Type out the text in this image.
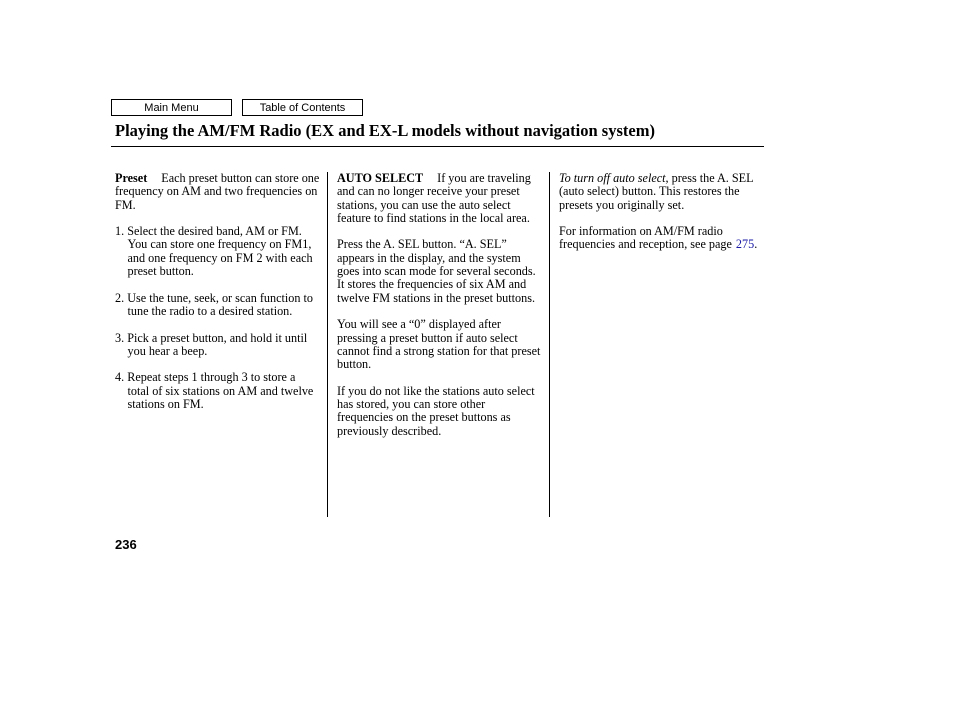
Main Menu	Table of Contents
Playing the AM/FM Radio (EX and EX-L models without navigation system)

Preset Each preset button can store one frequency on AM and two frequencies on FM.

1. Select the desired band, AM or FM. You can store one frequency on FM1, and one frequency on FM 2 with each preset button.

2. Use the tune, seek, or scan function to tune the radio to a desired station.

3. Pick a preset button, and hold it until you hear a beep.

4. Repeat steps 1 through 3 to store a total of six stations on AM and twelve stations on FM.

AUTO SELECT If you are traveling and can no longer receive your preset stations, you can use the auto select feature to find stations in the local area.

Press the A. SEL button. “A. SEL” appears in the display, and the system goes into scan mode for several seconds. It stores the frequencies of six AM and twelve FM stations in the preset buttons.

You will see a “0” displayed after pressing a preset button if auto select cannot find a strong station for that preset button.

If you do not like the stations auto select has stored, you can store other frequencies on the preset buttons as previously described.

To turn off auto select, press the A. SEL (auto select) button. This restores the presets you originally set.

For information on AM/FM radio frequencies and reception, see page 275.

236
